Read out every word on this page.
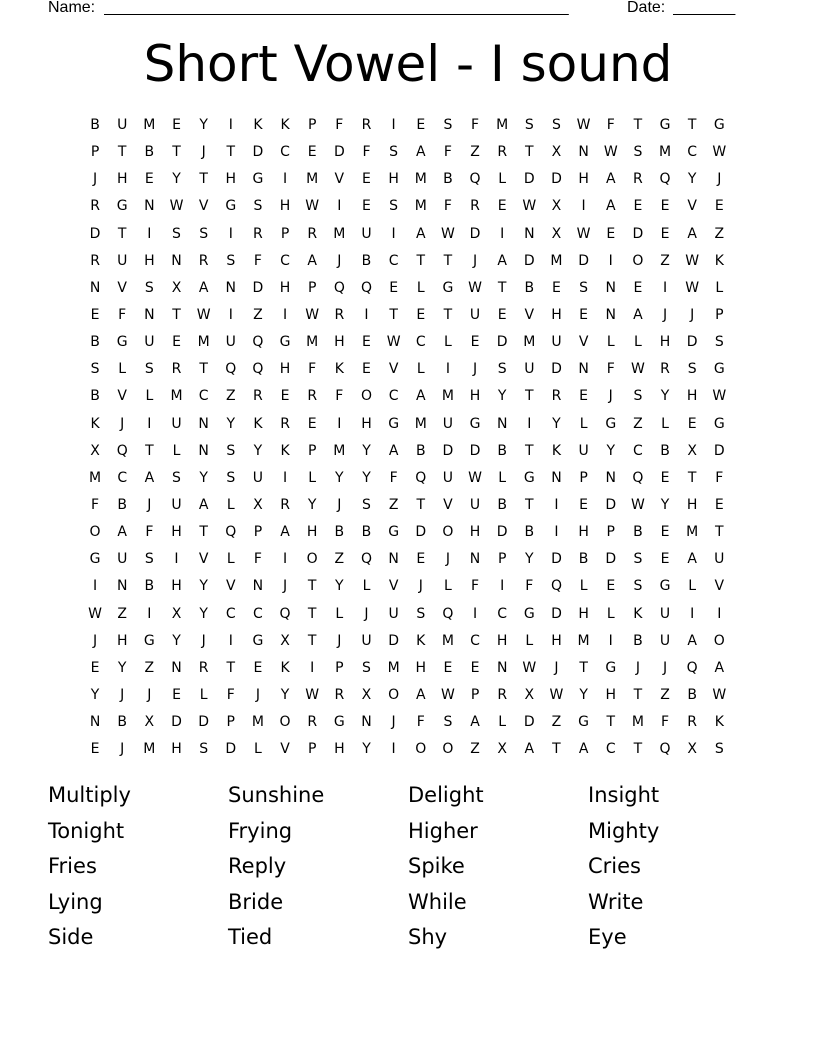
Name: ______________________________________________________	Date: _______
Short Vowel - I sound
B	U	M	E	Y	I	K	K	P	F	R	I	E	S	F	M	S	S	W	F	T	G	T	G
P	T	B	T	J	T	D	C	E	D	F	S	A	F	Z	R	T	X	N W	S	M	C	W
J	H	E	Y	T	H	G	I	M	V	E	H	M	B	Q	L	D	D	H	A	R	Q	Y	J
R	G	N W	V	G	S	H W	I	E	S	M	F	R	E	W	X	I	A	E	E	V	E
D	T	I	S	S	I	R	P	R	M	U	I	A	W D	I	N	X	W	E	D	E	A	Z
R	U	H	N	R	S	F	C	A	J	B	C	T	T	J	A	D	M	D	I	O	Z	W	K
N	V	S	X	A	N	D	H	P	Q	Q	E	L	G W	T	B	E	S	N	E	I	W	L
E	F	N	T	W	I	Z	I	W	R	I	T	E	T	U	E	V	H	E	N	A	J	J	P
B	G	U	E	M	U	Q	G	M	H	E	W	C	L	E	D	M	U	V	L	L	H	D	S
S	L	S	R	T	Q	Q	H	F	K	E	V	L	I	J	S	U	D	N	F	W	R	S	G
B	V	L	M	C	Z	R	E	R	F	O	C	A	M	H	Y	T	R	E	J	S	Y	H W
K	J	I	U	N	Y	K	R	E	I	H	G	M	U	G	N	I	Y	L	G	Z	L	E	G
X	Q	T	L	N	S	Y	K	P	M	Y	A	B	D	D	B	T	K	U	Y	C	B	X	D
M	C	A	S	Y	S	U	I	L	Y	Y	F	Q	U	W	L	G	N	P	N	Q	E	T	F
F	B	J	U	A	L	X	R	Y	J	S	Z	T	V	U	B	T	I	E	D W	Y	H	E
O	A	F	H	T	Q	P	A	H	B	B	G	D	O	H	D	B	I	H	P	B	E	M	T
G	U	S	I	V	L	F	I	O	Z	Q	N	E	J	N	P	Y	D	B	D	S	E	A	U
I	N	B	H	Y	V	N	J	T	Y	L	V	J	L	F	I	F	Q	L	E	S	G	L	V
W	Z	I	X	Y	C	C	Q	T	L	J	U	S	Q	I	C	G	D	H	L	K	U	I	I
J	H	G	Y	J	I	G	X	T	J	U	D	K	M	C	H	L	H	M	I	B	U	A	O
E	Y	Z	N	R	T	E	K	I	P	S	M	H	E	E	N W	J	T	G	J	J	Q	A
Y	J	J	E	L	F	J	Y	W	R	X	O	A	W	P	R	X	W	Y	H	T	Z	B	W
N	B	X	D	D	P	M	O	R	G	N	J	F	S	A	L	D	Z	G	T	M	F	R	K
E	J	M	H	S	D	L	V	P	H	Y	I	O	O	Z	X	A	T	A	C	T	Q	X	S
Multiply	Sunshine	Delight	Insight
Tonight	Frying	Higher	Mighty
Fries	Reply	Spike	Cries
Lying	Bride	While	Write
Side	Tied	Shy	Eye
